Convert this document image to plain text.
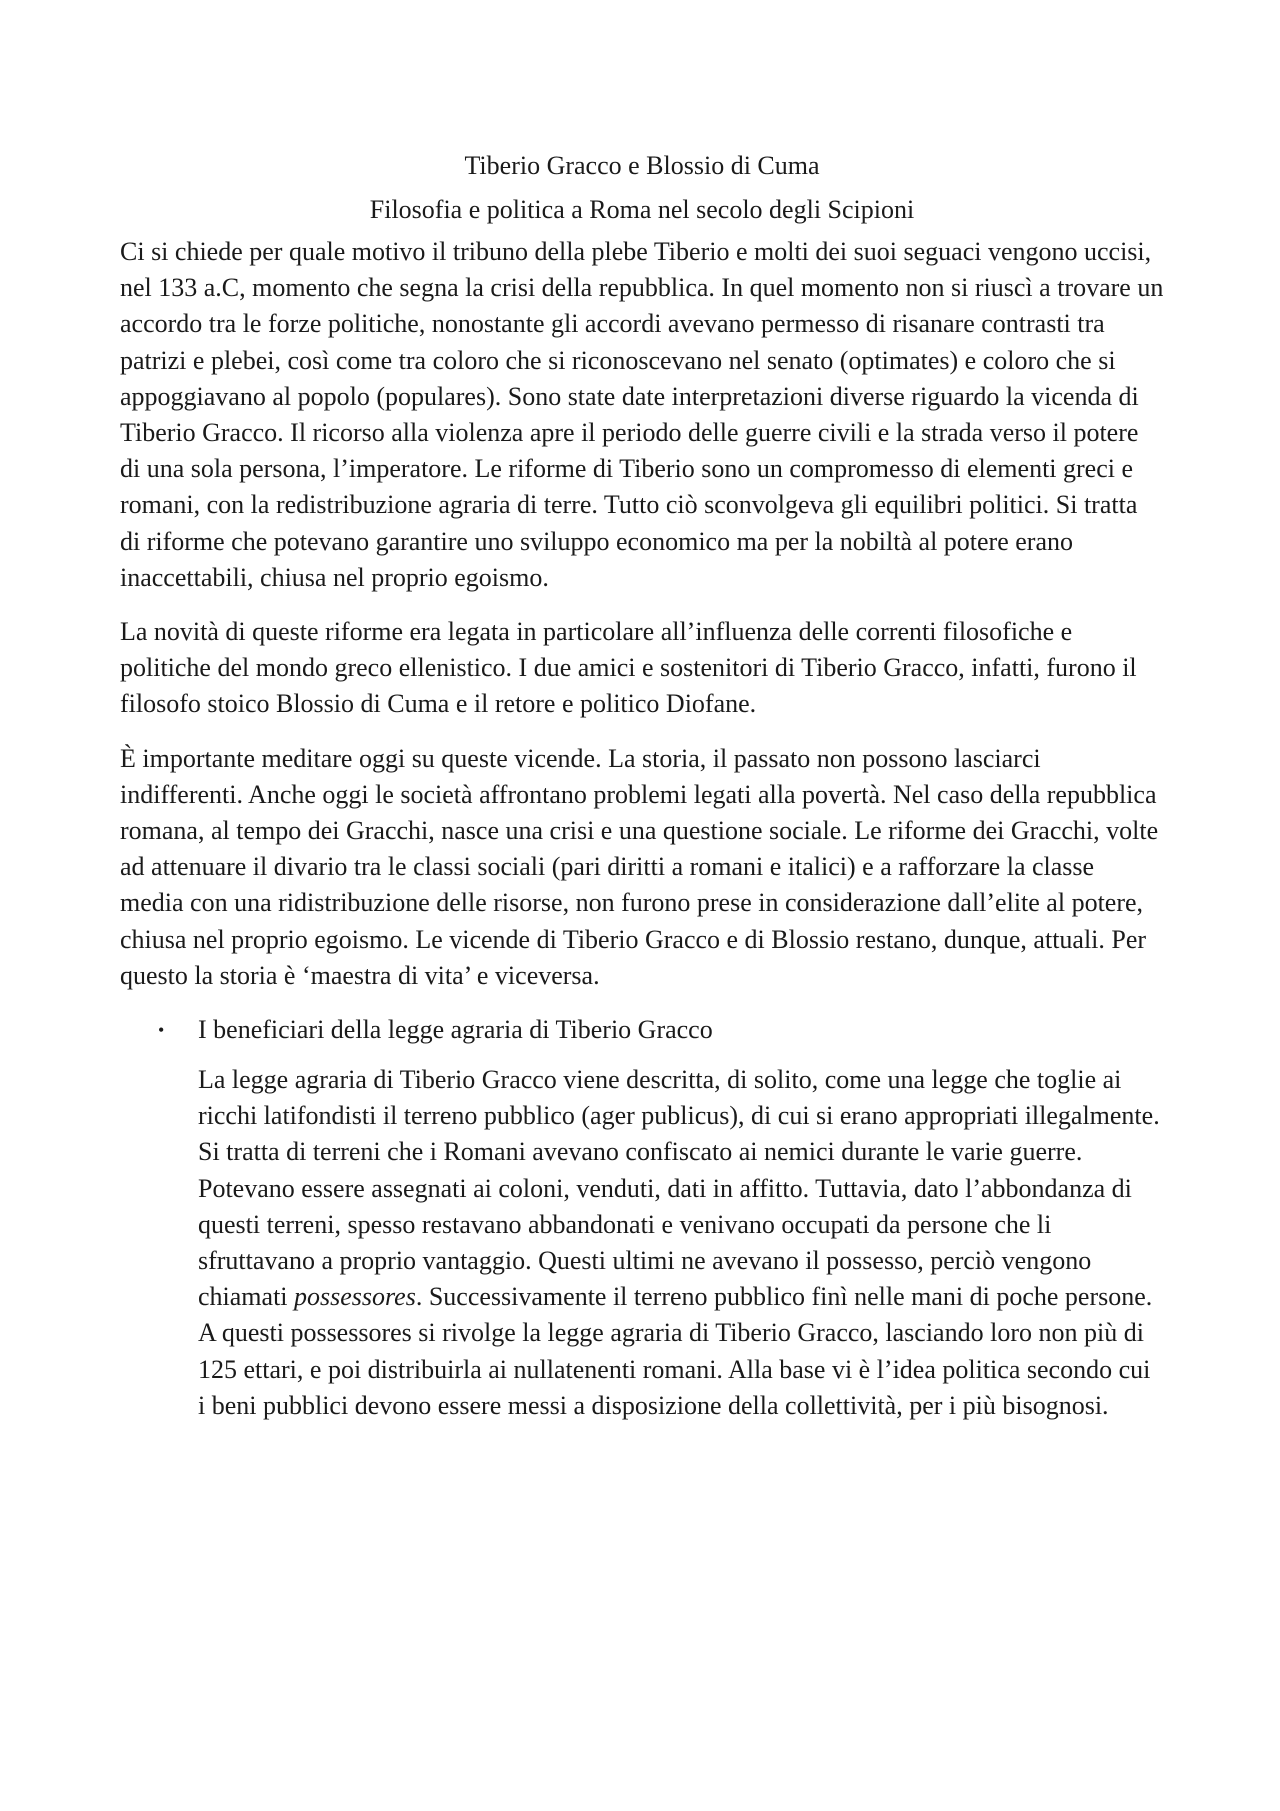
Tiberio Gracco e Blossio di Cuma
Filosofia e politica a Roma nel secolo degli Scipioni

Ci si chiede per quale motivo il tribuno della plebe Tiberio e molti dei suoi seguaci vengono uccisi, nel 133 a.C, momento che segna la crisi della repubblica. In quel momento non si riuscì a trovare un accordo tra le forze politiche, nonostante gli accordi avevano permesso di risanare contrasti tra patrizi e plebei, così come tra coloro che si riconoscevano nel senato (optimates) e coloro che si appoggiavano al popolo (populares). Sono state date interpretazioni diverse riguardo la vicenda di Tiberio Gracco. Il ricorso alla violenza apre il periodo delle guerre civili e la strada verso il potere di una sola persona, l’imperatore. Le riforme di Tiberio sono un compromesso di elementi greci e romani, con la redistribuzione agraria di terre. Tutto ciò sconvolgeva gli equilibri politici. Si tratta di riforme che potevano garantire uno sviluppo economico ma per la nobiltà al potere erano inaccettabili, chiusa nel proprio egoismo.

La novità di queste riforme era legata in particolare all’influenza delle correnti filosofiche e politiche del mondo greco ellenistico. I due amici e sostenitori di Tiberio Gracco, infatti, furono il filosofo stoico Blossio di Cuma e il retore e politico Diofane.

È importante meditare oggi su queste vicende. La storia, il passato non possono lasciarci indifferenti. Anche oggi le società affrontano problemi legati alla povertà. Nel caso della repubblica romana, al tempo dei Gracchi, nasce una crisi e una questione sociale. Le riforme dei Gracchi, volte ad attenuare il divario tra le classi sociali (pari diritti a romani e italici) e a rafforzare la classe media con una ridistribuzione delle risorse, non furono prese in considerazione dall’elite al potere, chiusa nel proprio egoismo. Le vicende di Tiberio Gracco e di Blossio restano, dunque, attuali. Per questo la storia è ‘maestra di vita’ e viceversa.

• I beneficiari della legge agraria di Tiberio Gracco

La legge agraria di Tiberio Gracco viene descritta, di solito, come una legge che toglie ai ricchi latifondisti il terreno pubblico (ager publicus), di cui si erano appropriati illegalmente. Si tratta di terreni che i Romani avevano confiscato ai nemici durante le varie guerre. Potevano essere assegnati ai coloni, venduti, dati in affitto. Tuttavia, dato l’abbondanza di questi terreni, spesso restavano abbandonati e venivano occupati da persone che li sfruttavano a proprio vantaggio. Questi ultimi ne avevano il possesso, perciò vengono chiamati possessores. Successivamente il terreno pubblico finì nelle mani di poche persone. A questi possessores si rivolge la legge agraria di Tiberio Gracco, lasciando loro non più di 125 ettari, e poi distribuirla ai nullatenenti romani. Alla base vi è l’idea politica secondo cui i beni pubblici devono essere messi a disposizione della collettività, per i più bisognosi.
